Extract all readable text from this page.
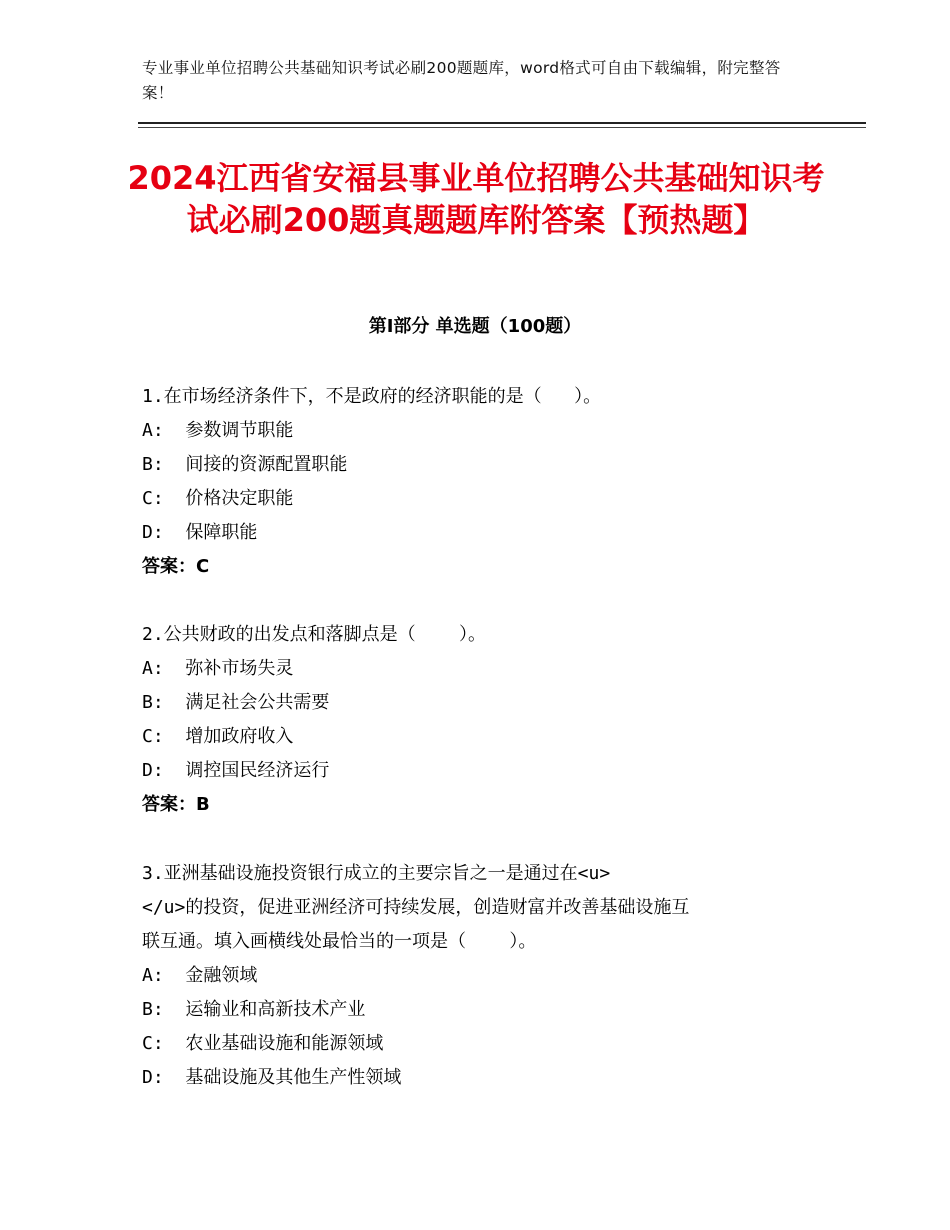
专业事业单位招聘公共基础知识考试必刷200题题库，word格式可自由下载编辑，附完整答案！
2024江西省安福县事业单位招聘公共基础知识考试必刷200题真题题库附答案【预热题】
第Ⅰ部分 单选题（100题）
1.在市场经济条件下，不是政府的经济职能的是（   ）。
A:  参数调节职能
B:  间接的资源配置职能
C:  价格决定职能
D:  保障职能
答案：C
2.公共财政的出发点和落脚点是（    ）。
A:  弥补市场失灵
B:  满足社会公共需要
C:  增加政府收入
D:  调控国民经济运行
答案：B
3.亚洲基础设施投资银行成立的主要宗旨之一是通过在<u>
</u>的投资，促进亚洲经济可持续发展，创造财富并改善基础设施互
联互通。填入画横线处最恰当的一项是（    ）。
A:  金融领域
B:  运输业和高新技术产业
C:  农业基础设施和能源领域
D:  基础设施及其他生产性领域
